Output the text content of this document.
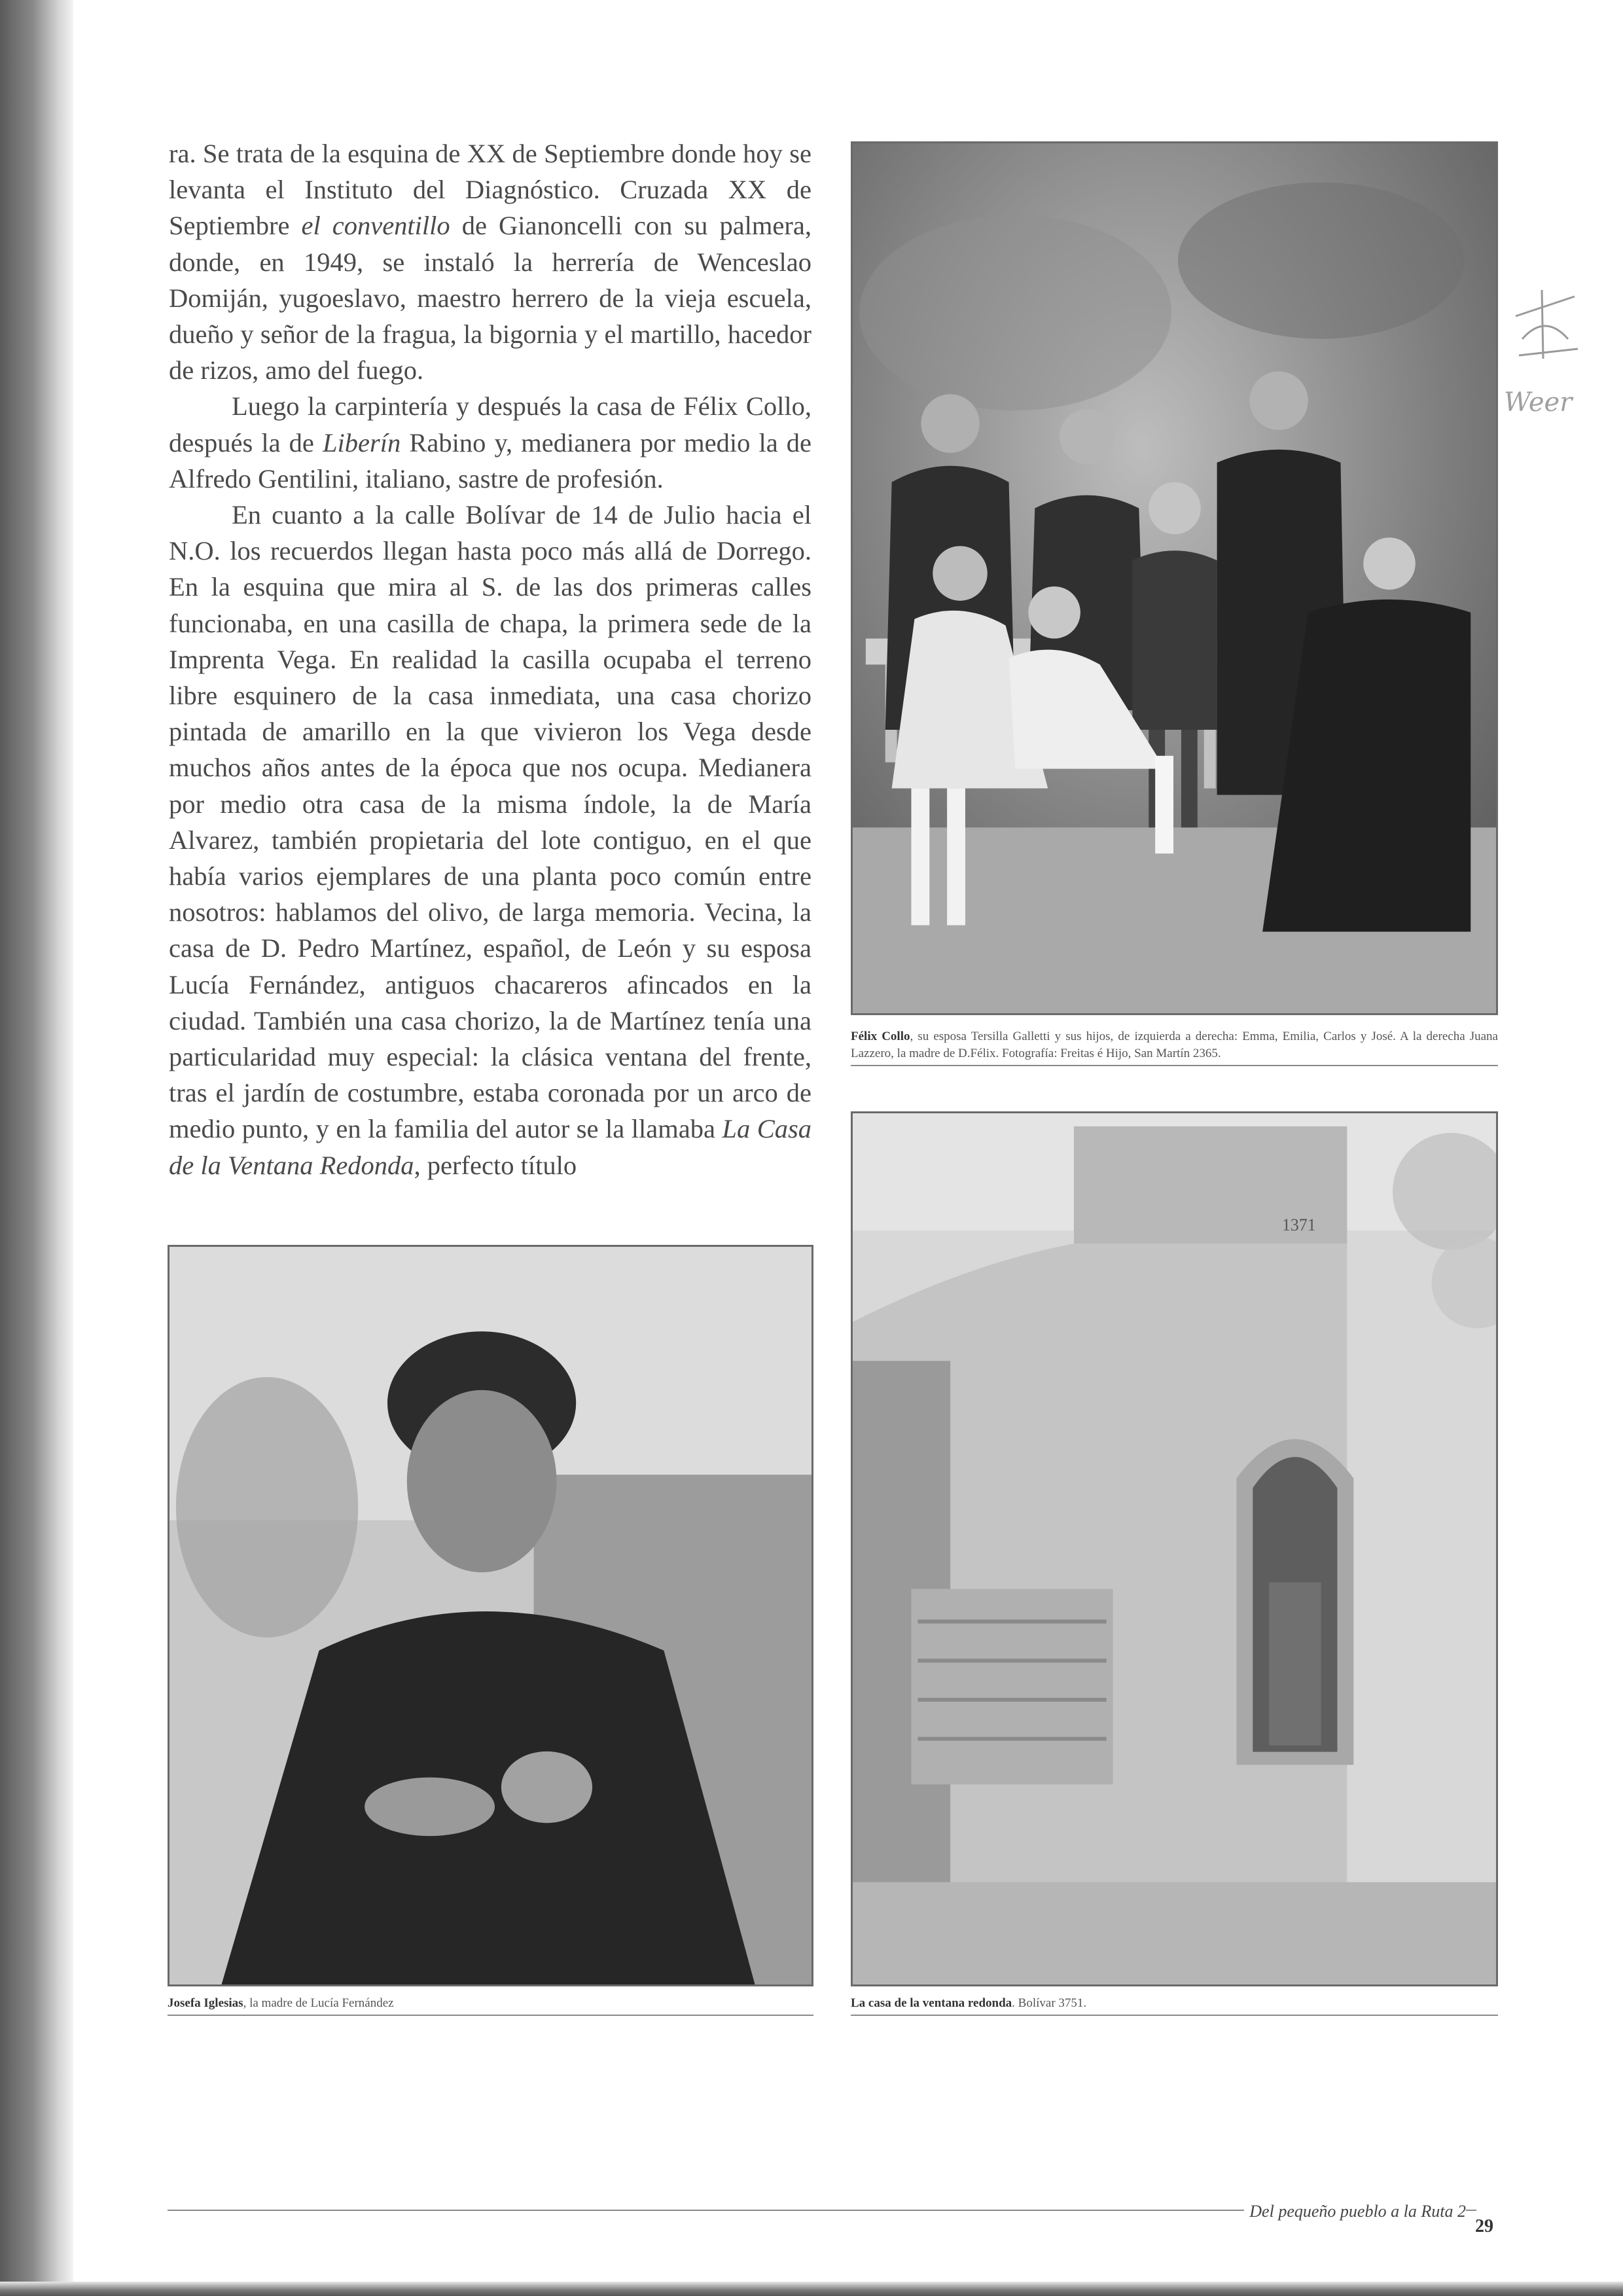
ra. Se trata de la esquina de XX de Septiembre donde hoy se levanta el Instituto del Diagnóstico. Cruzada XX de Septiembre el conventillo de Gianoncelli con su palmera, donde, en 1949, se instaló la herrería de Wenceslao Domiján, yugoeslavo, maestro herrero de la vieja escuela, dueño y señor de la fragua, la bigornia y el martillo, hacedor de rizos, amo del fuego.

Luego la carpintería y después la casa de Félix Collo, después la de Liberín Rabino y, medianera por medio la de Alfredo Gentilini, italiano, sastre de profesión.

En cuanto a la calle Bolívar de 14 de Julio hacia el N.O. los recuerdos llegan hasta poco más allá de Dorrego. En la esquina que mira al S. de las dos primeras calles funcionaba, en una casilla de chapa, la primera sede de la Imprenta Vega. En realidad la casilla ocupaba el terreno libre esquinero de la casa inmediata, una casa chorizo pintada de amarillo en la que vivieron los Vega desde muchos años antes de la época que nos ocupa. Medianera por medio otra casa de la misma índole, la de María Alvarez, también propietaria del lote contiguo, en el que había varios ejemplares de una planta poco común entre nosotros: hablamos del olivo, de larga memoria. Vecina, la casa de D. Pedro Martínez, español, de León y su esposa Lucía Fernández, antiguos chacareros afincados en la ciudad. También una casa chorizo, la de Martínez tenía una particularidad muy especial: la clásica ventana del frente, tras el jardín de costumbre, estaba coronada por un arco de medio punto, y en la familia del autor se la llamaba La Casa de la Ventana Redonda, perfecto título

Félix Collo, su esposa Tersilla Galletti y sus hijos, de izquierda a derecha: Emma, Emilia, Carlos y José. A la derecha Juana Lazzero, la madre de D.Félix. Fotografía: Freitas é Hijo, San Martín 2365.
1371
La casa de la ventana redonda. Bolívar 3751.
Josefa Iglesias, la madre de Lucía Fernández
Weer
Del pequeño pueblo a la Ruta 2
29
